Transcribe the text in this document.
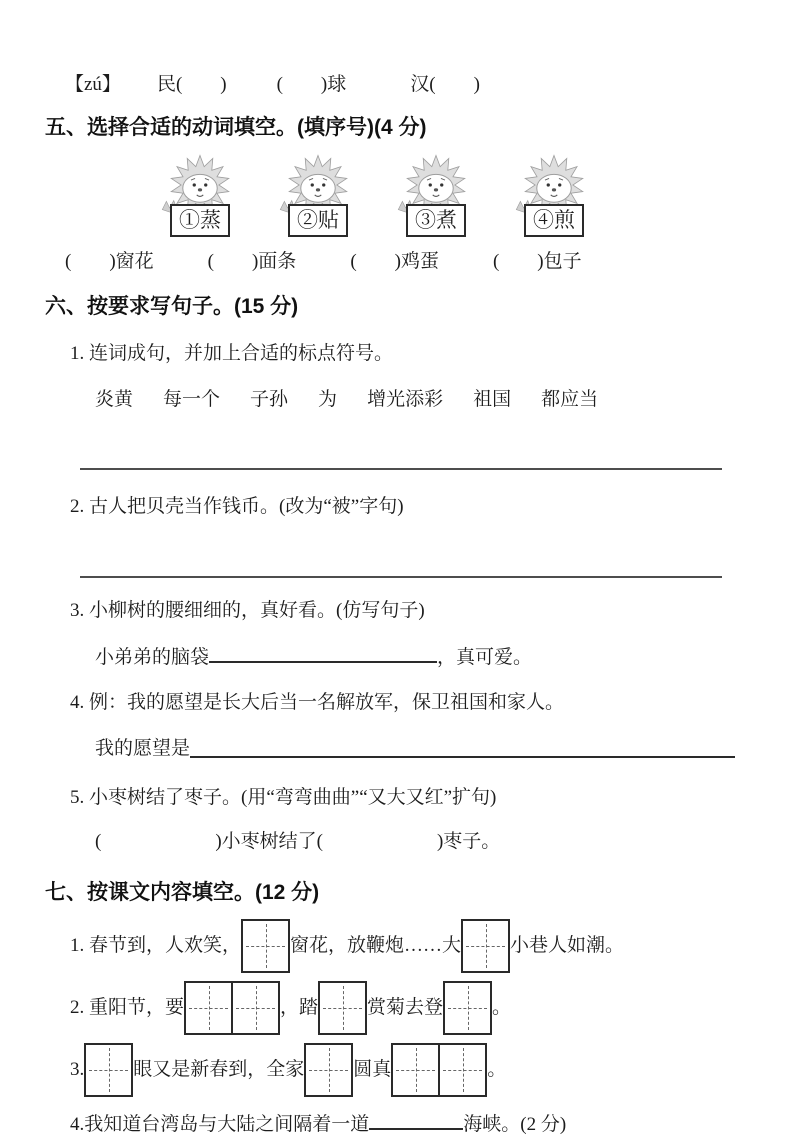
【zú】 民(　　)	(　　)球	汉(　　)
五、选择合适的动词填空。(填序号)(4 分)
①蒸	②贴	③煮	④煎
(　　)窗花	(　　)面条	(　　)鸡蛋	(　　)包子
六、按要求写句子。(15 分)
1. 连词成句，并加上合适的标点符号。
炎黄 每一个 子孙 为 增光添彩 祖国 都应当
2. 古人把贝壳当作钱币。(改为“被”字句)
3. 小柳树的腰细细的，真好看。(仿写句子)
小弟弟的脑袋	，真可爱。
4. 例：我的愿望是长大后当一名解放军，保卫祖国和家人。
我的愿望是
5. 小枣树结了枣子。(用“弯弯曲曲”“又大又红”扩句)
(　　　　　　)小枣树结了(　　　　　　)枣子。
七、按课文内容填空。(12 分)
1. 春节到，人欢笑，	窗花，放鞭炮……大	小巷人如潮。
2. 重阳节，要	，踏	赏菊去登	。
3.	眼又是新春到，全家	圆真	。
4.我知道台湾岛与大陆之间隔着一道	海峡。(2 分)
